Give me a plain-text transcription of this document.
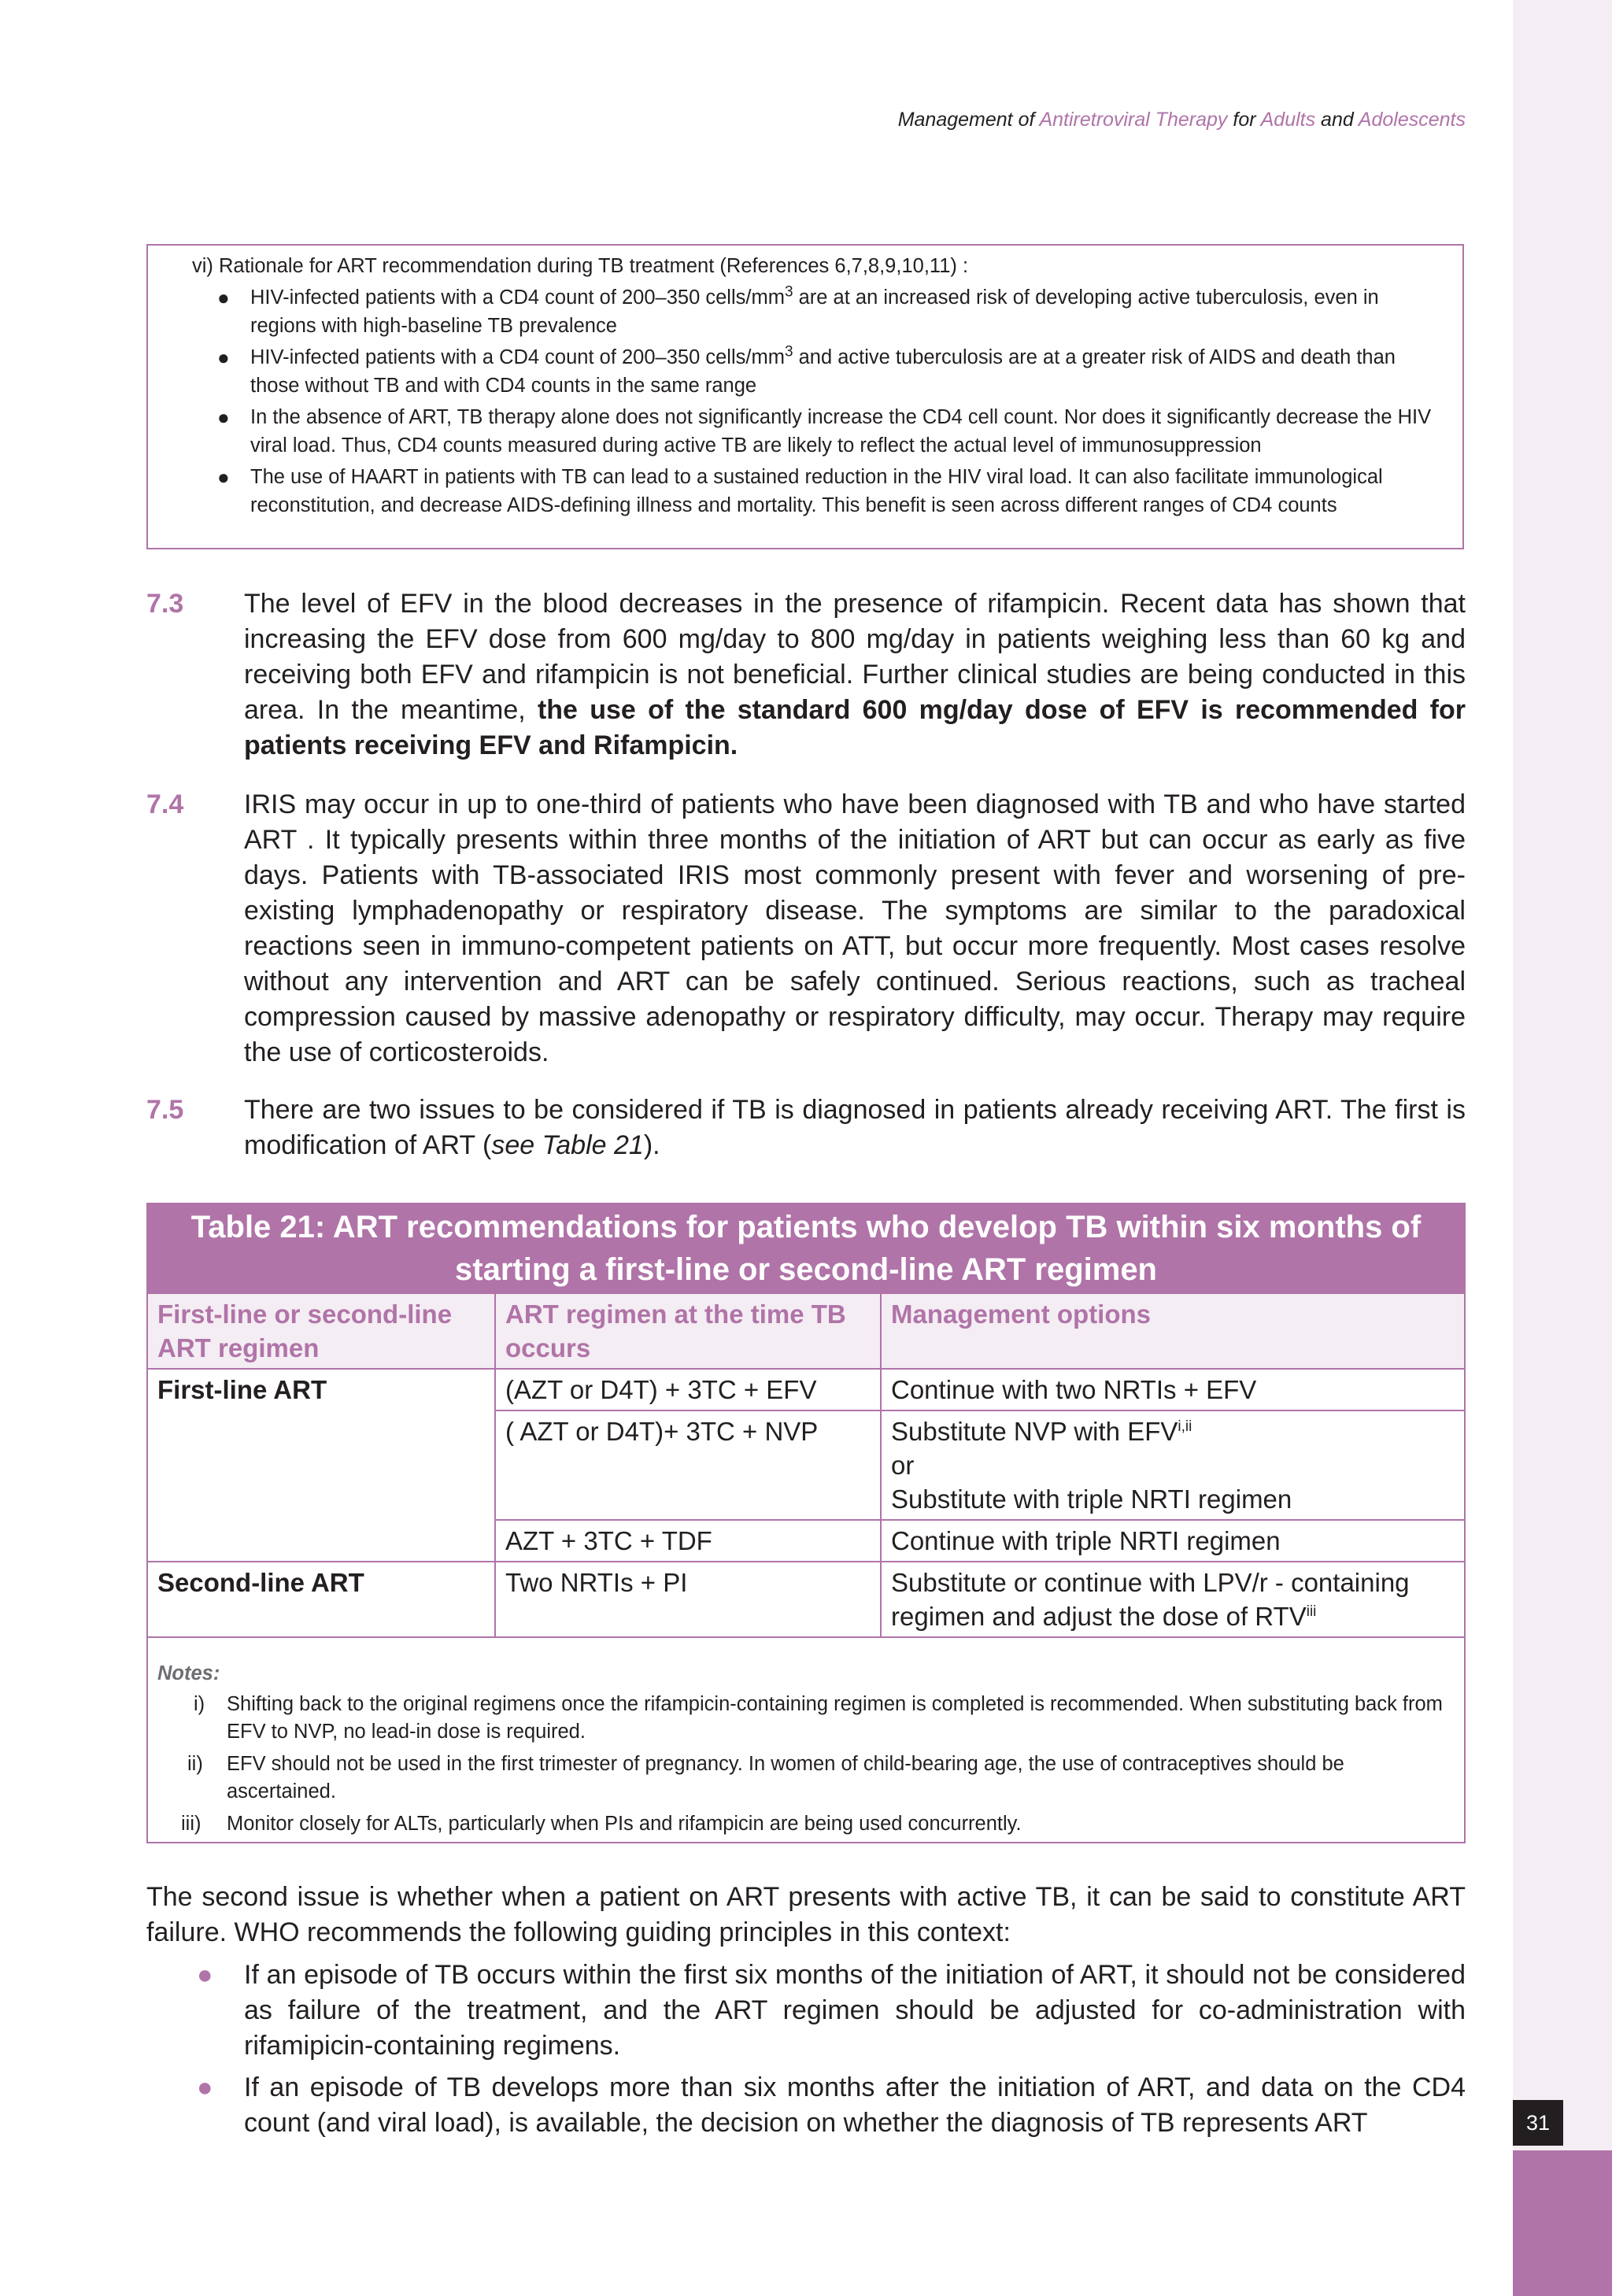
31
Management of Antiretroviral Therapy for Adults and Adolescents
vi) Rationale for ART recommendation during TB treatment (References 6,7,8,9,10,11) :
● HIV-infected patients with a CD4 count of 200–350 cells/$mm^3$ are at an increased risk of developing active tuberculosis, even in regions with high-baseline TB prevalence
● HIV-infected patients with a CD4 count of 200–350 cells/$mm^3$ and active tuberculosis are at a greater risk of AIDS and death than those without TB and with CD4 counts in the same range
● In the absence of ART, TB therapy alone does not significantly increase the CD4 cell count. Nor does it significantly decrease the HIV viral load. Thus, CD4 counts measured during active TB are likely to reflect the actual level of immunosuppression
● The use of HAART in patients with TB can lead to a sustained reduction in the HIV viral load. It can also facilitate immunological reconstitution, and decrease AIDS-defining illness and mortality. This benefit is seen across different ranges of CD4 counts
7.3 The level of EFV in the blood decreases in the presence of rifampicin. Recent data has shown that increasing the EFV dose from 600 mg/day to 800 mg/day in patients weighing less than 60 kg and receiving both EFV and rifampicin is not beneficial. Further clinical studies are being conducted in this area. In the meantime, the use of the standard 600 mg/day dose of EFV is recommended for patients receiving EFV and Rifampicin.
7.4 IRIS may occur in up to one-third of patients who have been diagnosed with TB and who have started ART . It typically presents within three months of the initiation of ART but can occur as early as five days. Patients with TB-associated IRIS most commonly present with fever and worsening of pre-existing lymphadenopathy or respiratory disease. The symptoms are similar to the paradoxical reactions seen in immuno-competent patients on ATT, but occur more frequently. Most cases resolve without any intervention and ART can be safely continued. Serious reactions, such as tracheal compression caused by massive adenopathy or respiratory difficulty, may occur. Therapy may require the use of corticosteroids.
7.5 There are two issues to be considered if TB is diagnosed in patients already receiving ART. The first is modification of ART (see Table 21).
Table 21: ART recommendations for patients who develop TB within six months of starting a first-line or second-line ART regimen
First-line or second-line ART regimen	ART regimen at the time TB occurs	Management options
First-line ART	(AZT or D4T) + 3TC + EFV	Continue with two NRTIs + EFV
	( AZT or D4T)+ 3TC + NVP	Substitute NVP with $EFV^{i,ii}$
or
Substitute with triple NRTI regimen
	AZT + 3TC + TDF	Continue with triple NRTI regimen
Second-line ART	Two NRTIs + PI	Substitute or continue with LPV/r - containing regimen and adjust the dose of RTV$^{iii}$
Notes:
i) Shifting back to the original regimens once the rifampicin-containing regimen is completed is recommended. When substituting back from EFV to NVP, no lead-in dose is required.
ii) EFV should not be used in the first trimester of pregnancy. In women of child-bearing age, the use of contraceptives should be ascertained.
iii) Monitor closely for ALTs, particularly when PIs and rifampicin are being used concurrently.
The second issue is whether when a patient on ART presents with active TB, it can be said to constitute ART failure. WHO recommends the following guiding principles in this context:
● If an episode of TB occurs within the first six months of the initiation of ART, it should not be considered as failure of the treatment, and the ART regimen should be adjusted for co-administration with rifamipicin-containing regimens.
● If an episode of TB develops more than six months after the initiation of ART, and data on the CD4 count (and viral load), is available, the decision on whether the diagnosis of TB represents ART
